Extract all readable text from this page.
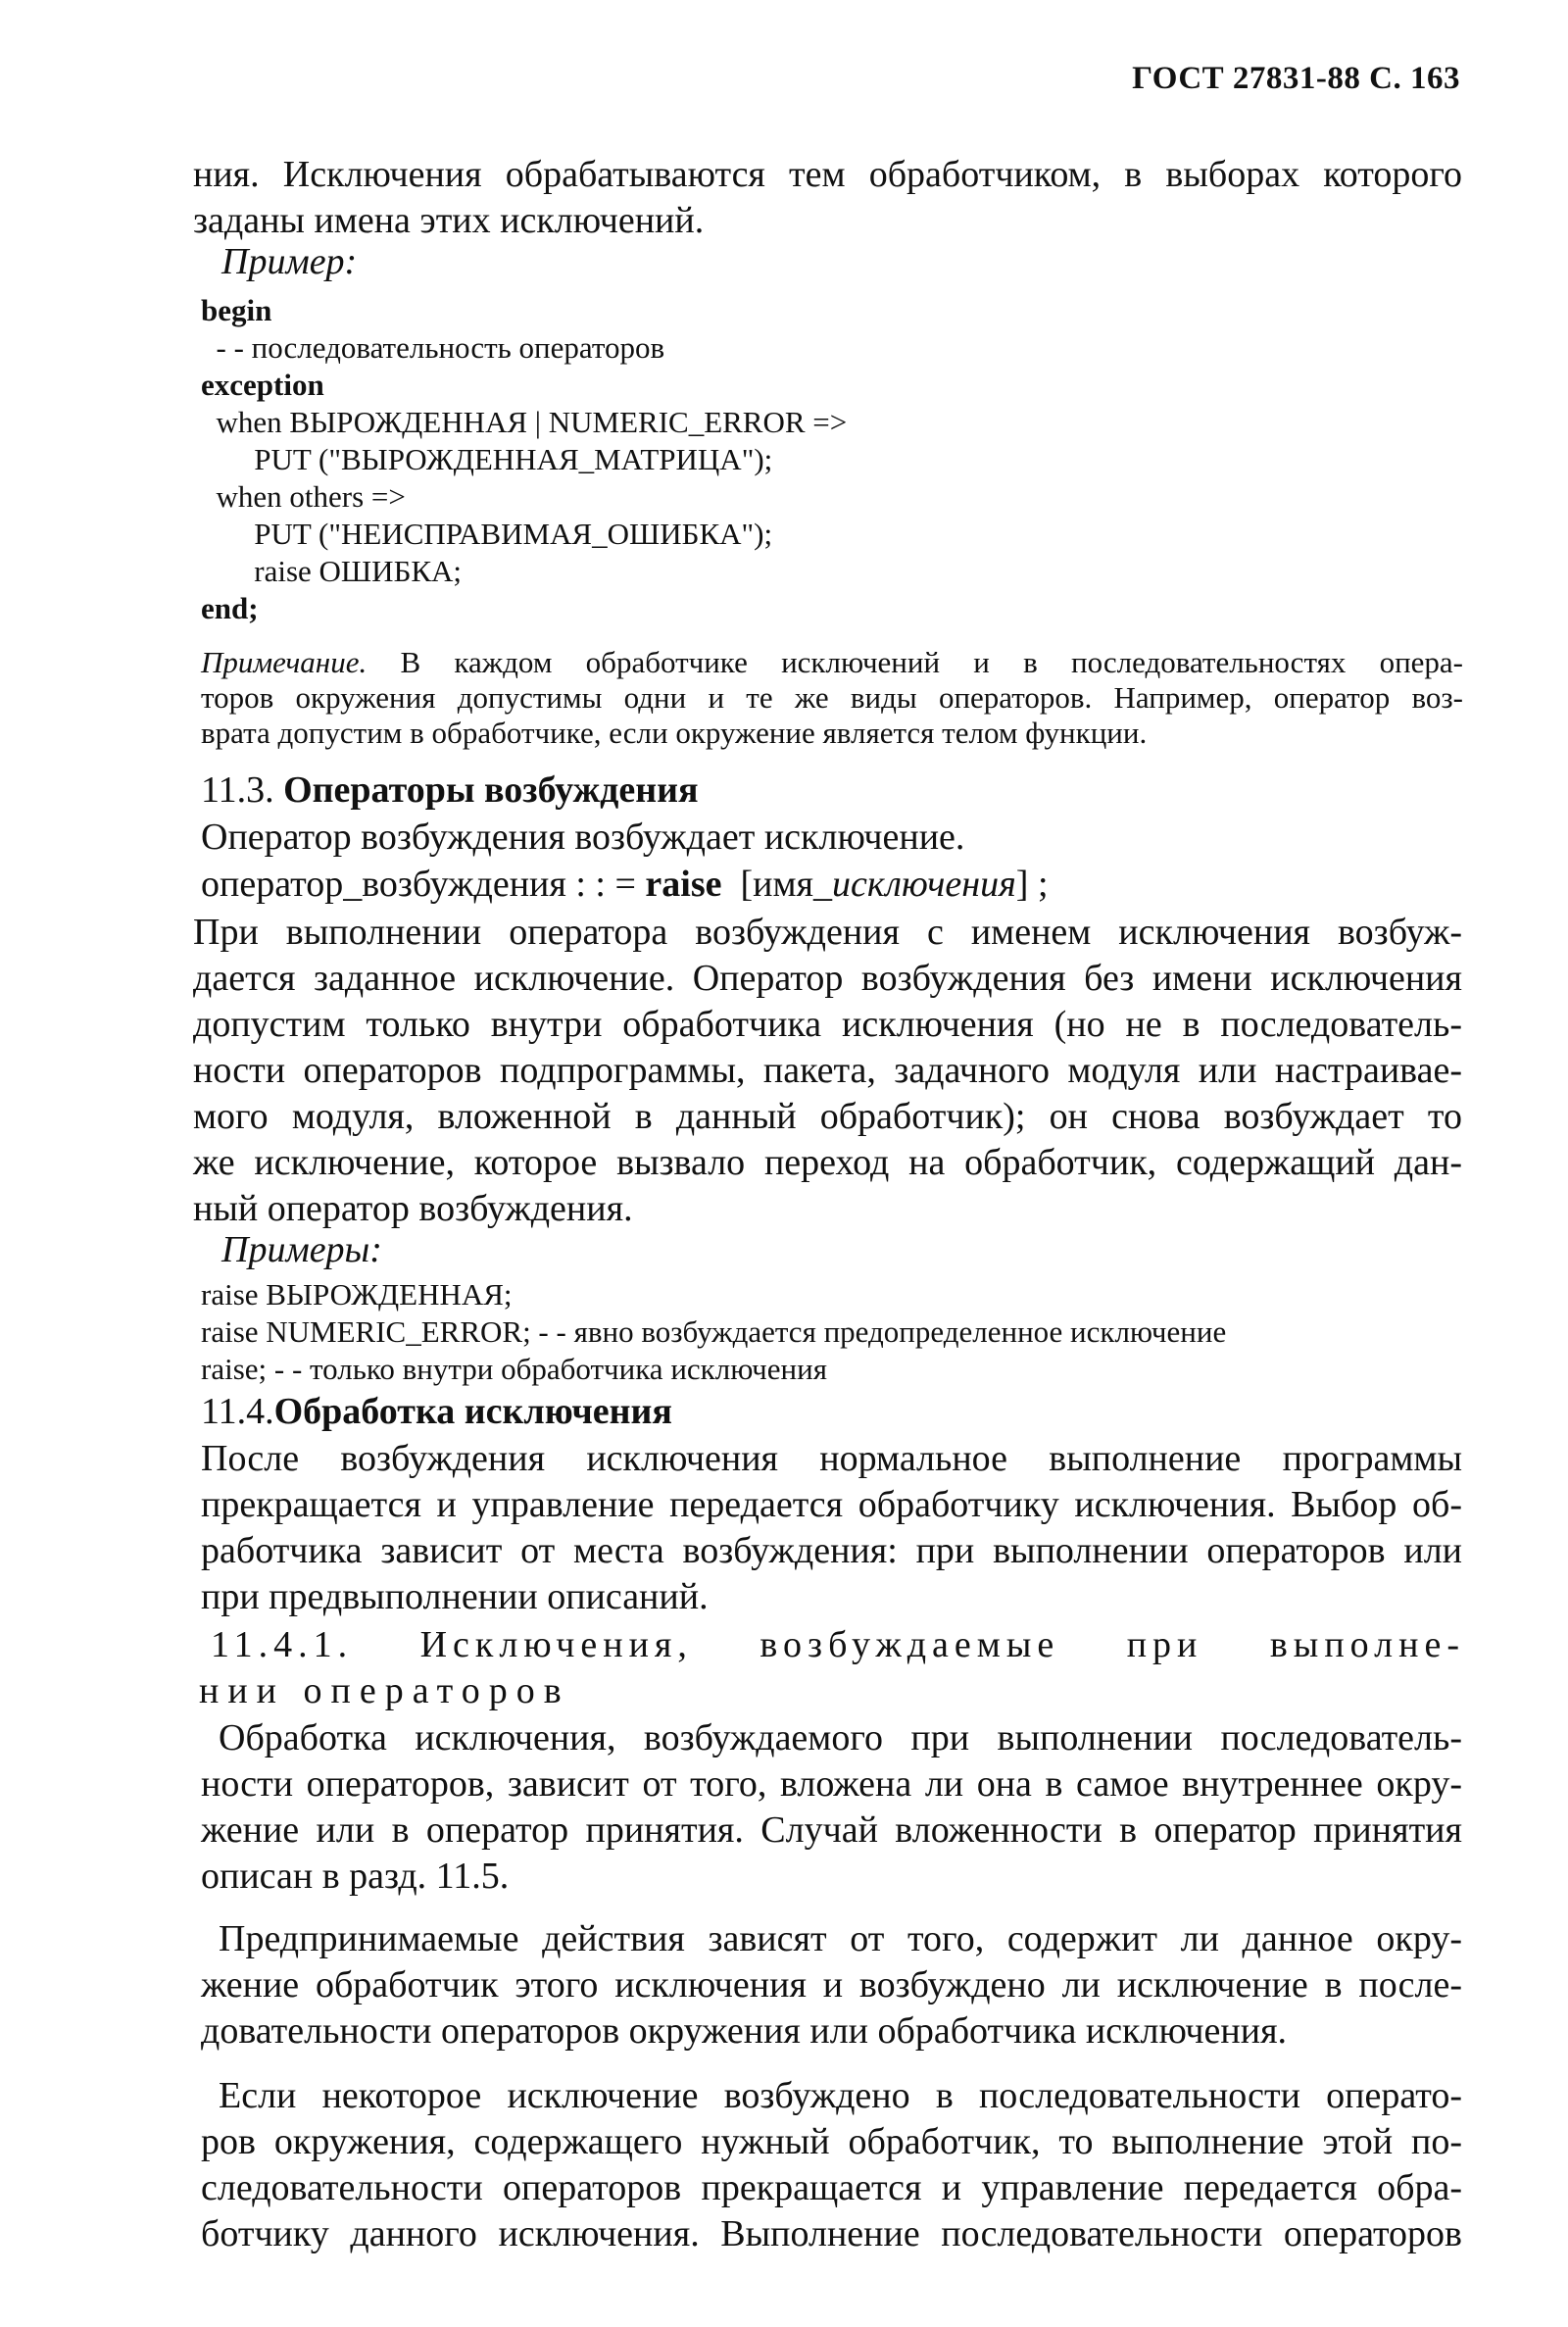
ГОСТ 27831-88 С. 163
ния. Исключения обрабатываются тем обработчиком, в выборах которого
заданы имена этих исключений.
Пример:
begin
- - последовательность операторов
exception
when ВЫРОЖДЕННАЯ | NUMERIC_ERROR =>
PUT ("ВЫРОЖДЕННАЯ_МАТРИЦА");
when others =>
PUT ("НЕИСПРАВИМАЯ_ОШИБКА");
raise ОШИБКА;
end;
Примечание. В каждом обработчике исключений и в последовательностях опера-
торов окружения допустимы одни и те же виды операторов. Например, оператор воз-
врата допустим в обработчике, если окружение является телом функции.
11.3. Операторы возбуждения
Оператор возбуждения возбуждает исключение.
оператор_возбуждения : : = raise  [имя_исключения] ;
При выполнении оператора возбуждения с именем исключения возбуж-
дается заданное исключение. Оператор возбуждения без имени исключения
допустим только внутри обработчика исключения (но не в последователь-
ности операторов подпрограммы, пакета, задачного модуля или настраивае-
мого модуля, вложенной в данный обработчик); он снова возбуждает то
же исключение, которое вызвало переход на обработчик, содержащий дан-
ный оператор возбуждения.
Примеры:
raise ВЫРОЖДЕННАЯ;
raise NUMERIC_ERROR; - - явно возбуждается предопределенное исключение
raise; - - только внутри обработчика исключения
11.4.Обработка исключения
После возбуждения исключения нормальное выполнение программы
прекращается и управление передается обработчику исключения. Выбор об-
работчика зависит от места возбуждения: при выполнении операторов или
при предвыполнении описаний.
11.4.1. Исключения, возбуждаемые при выполне-
нии операторов
Обработка исключения, возбуждаемого при выполнении последователь-
ности операторов, зависит от того, вложена ли она в самое внутреннее окру-
жение или в оператор принятия. Случай вложенности в оператор принятия
описан в разд. 11.5.
Предпринимаемые действия зависят от того, содержит ли данное окру-
жение обработчик этого исключения и возбуждено ли исключение в после-
довательности операторов окружения или обработчика исключения.
Если некоторое исключение возбуждено в последовательности операто-
ров окружения, содержащего нужный обработчик, то выполнение этой по-
следовательности операторов прекращается и управление передается обра-
ботчику данного исключения. Выполнение последовательности операторов
